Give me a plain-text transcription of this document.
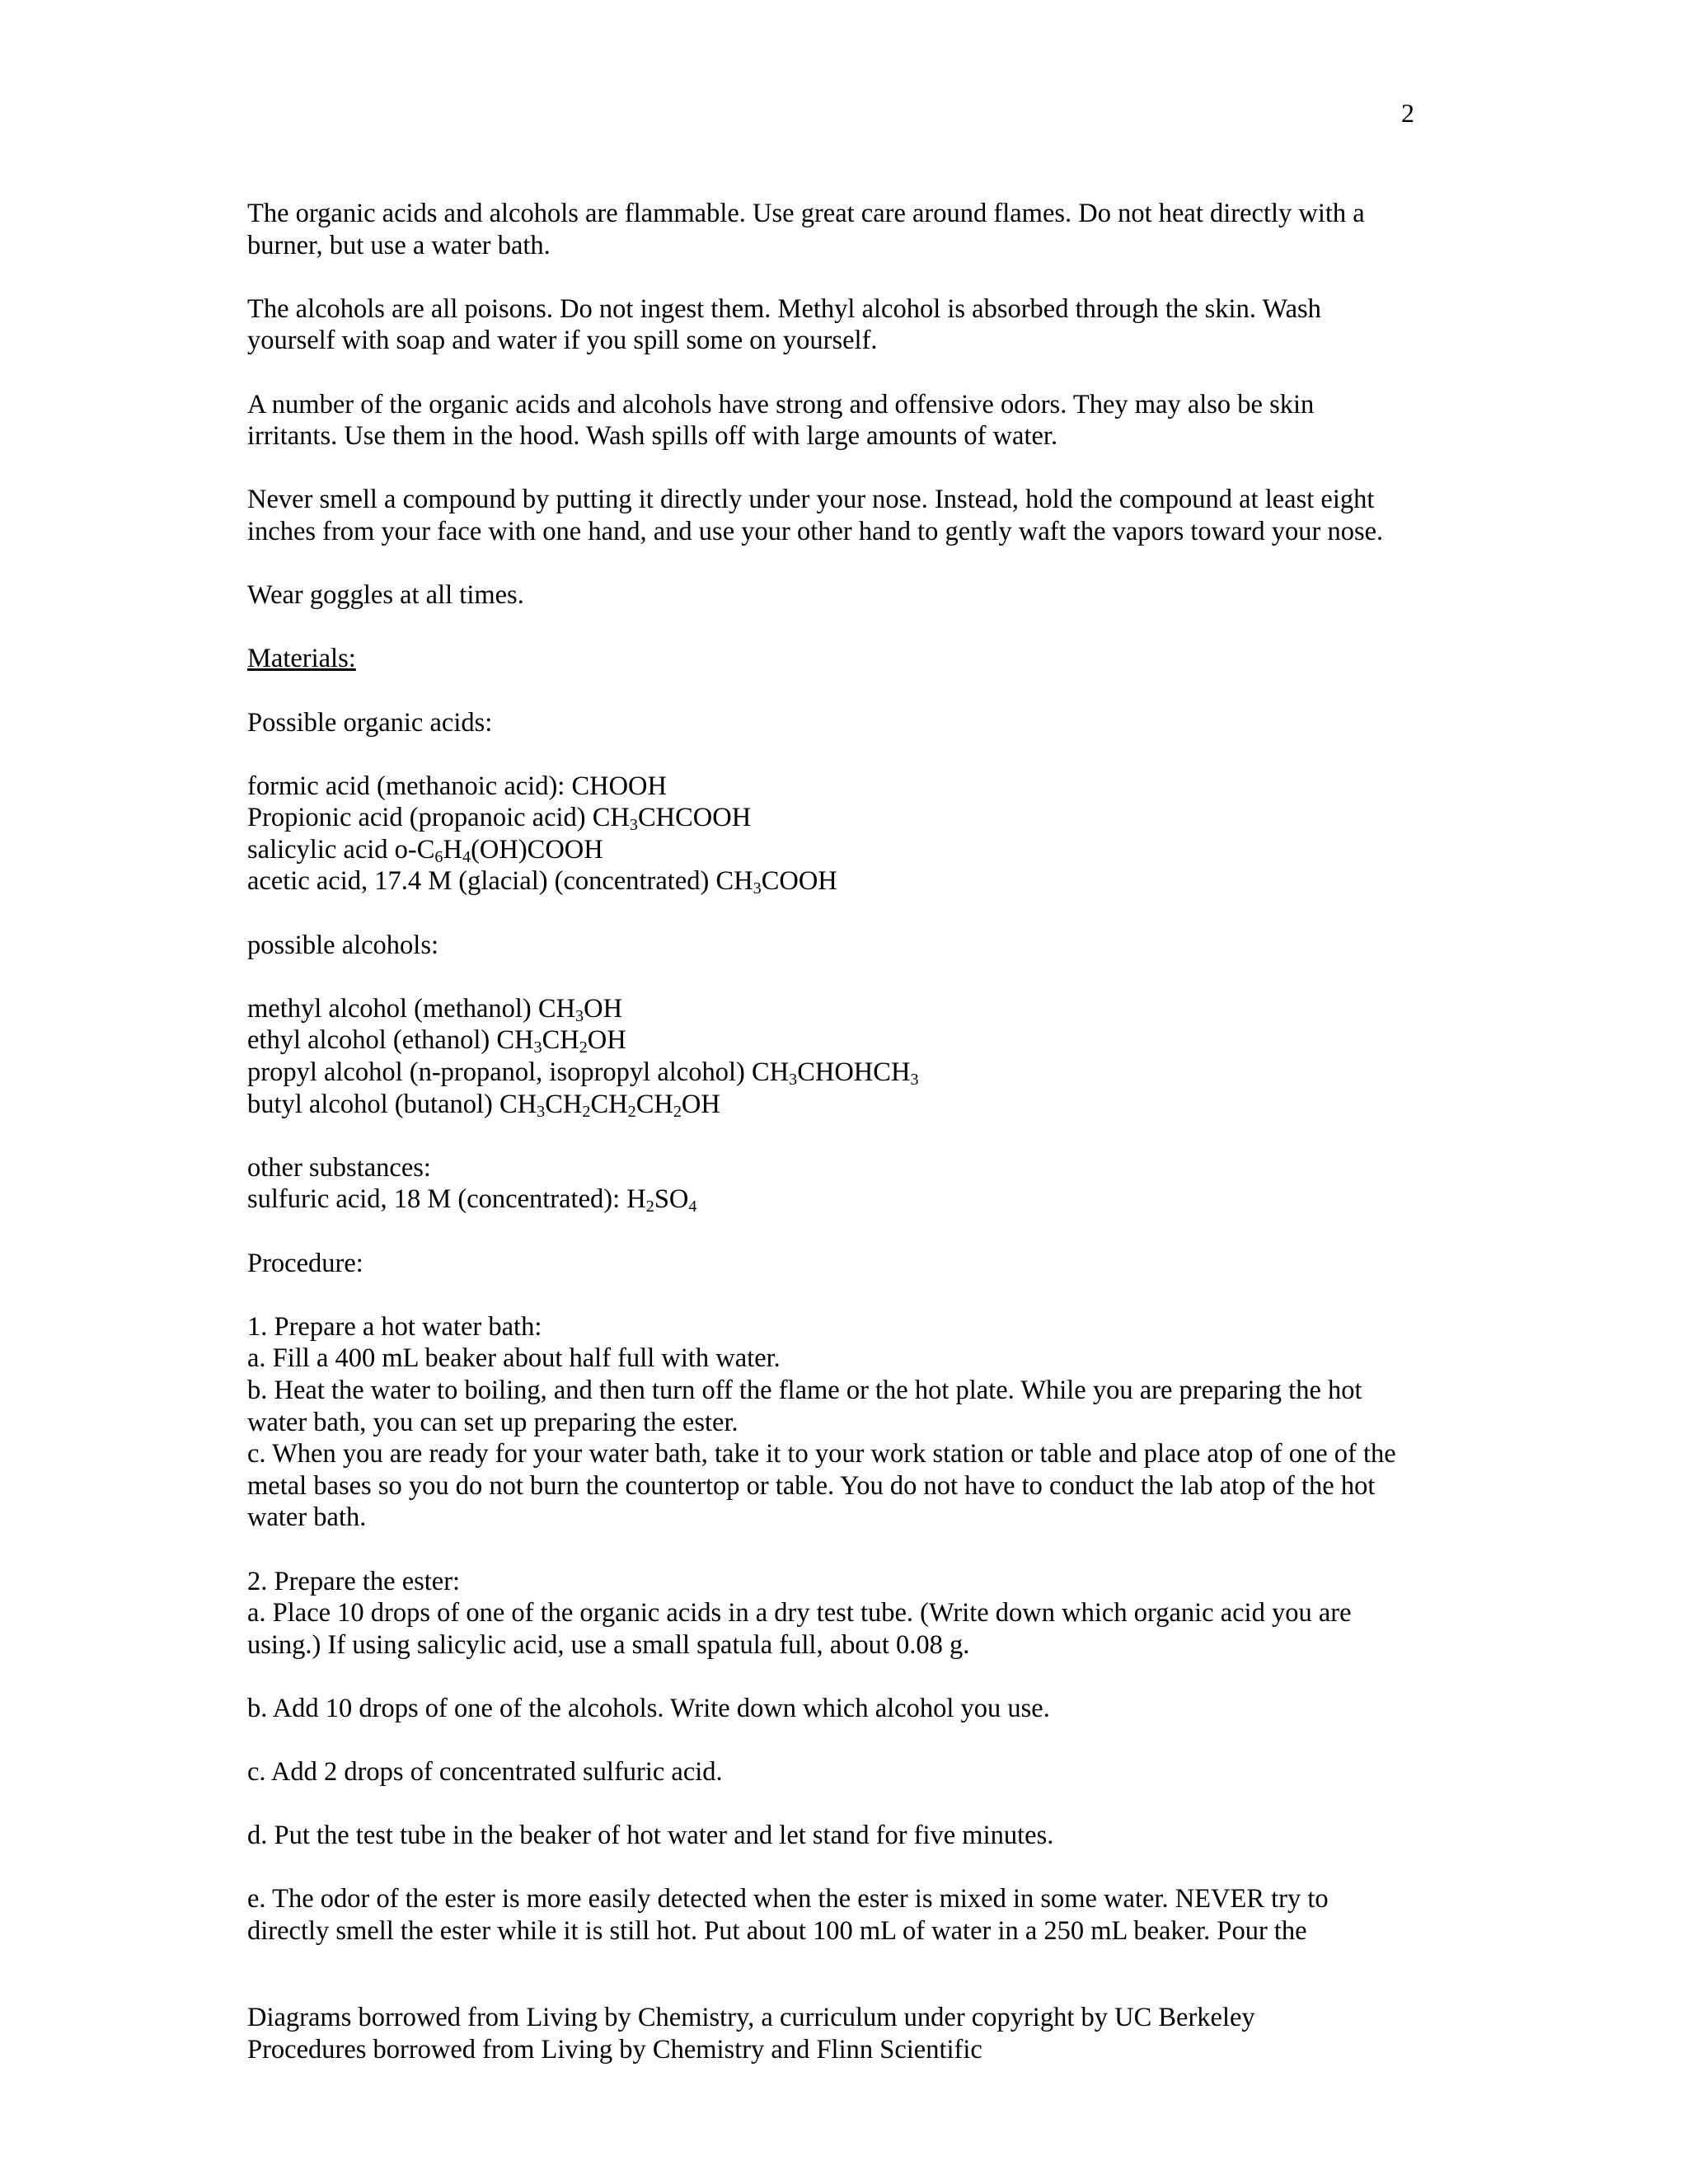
2

The organic acids and alcohols are flammable. Use great care around flames. Do not heat directly with a
burner, but use a water bath.

The alcohols are all poisons. Do not ingest them. Methyl alcohol is absorbed through the skin. Wash
yourself with soap and water if you spill some on yourself.

A number of the organic acids and alcohols have strong and offensive odors. They may also be skin
irritants. Use them in the hood. Wash spills off with large amounts of water.

Never smell a compound by putting it directly under your nose. Instead, hold the compound at least eight
inches from your face with one hand, and use your other hand to gently waft the vapors toward your nose.

Wear goggles at all times.

Materials:

Possible organic acids:

formic acid (methanoic acid): CHOOH
Propionic acid (propanoic acid) $CH_3CHCOOH$
salicylic acid $o-C_6H_4(OH)COOH$
acetic acid, 17.4 M (glacial) (concentrated) $CH_3COOH$

possible alcohols:

methyl alcohol (methanol) $CH_3OH$
ethyl alcohol (ethanol) $CH_3CH_2OH$
propyl alcohol (n-propanol, isopropyl alcohol) $CH_3CHOHCH_3$
butyl alcohol (butanol) $CH_3CH_2CH_2CH_2OH$

other substances:
sulfuric acid, 18 M (concentrated): $H_2SO_4$

Procedure:

1. Prepare a hot water bath:
a. Fill a 400 mL beaker about half full with water.
b. Heat the water to boiling, and then turn off the flame or the hot plate. While you are preparing the hot
water bath, you can set up preparing the ester.
c. When you are ready for your water bath, take it to your work station or table and place atop of one of the
metal bases so you do not burn the countertop or table. You do not have to conduct the lab atop of the hot
water bath.

2. Prepare the ester:
a. Place 10 drops of one of the organic acids in a dry test tube. (Write down which organic acid you are
using.) If using salicylic acid, use a small spatula full, about 0.08 g.

b. Add 10 drops of one of the alcohols. Write down which alcohol you use.

c. Add 2 drops of concentrated sulfuric acid.

d. Put the test tube in the beaker of hot water and let stand for five minutes.

e. The odor of the ester is more easily detected when the ester is mixed in some water. NEVER try to
directly smell the ester while it is still hot. Put about 100 mL of water in a 250 mL beaker. Pour the

Diagrams borrowed from Living by Chemistry, a curriculum under copyright by UC Berkeley
Procedures borrowed from Living by Chemistry and Flinn Scientific
